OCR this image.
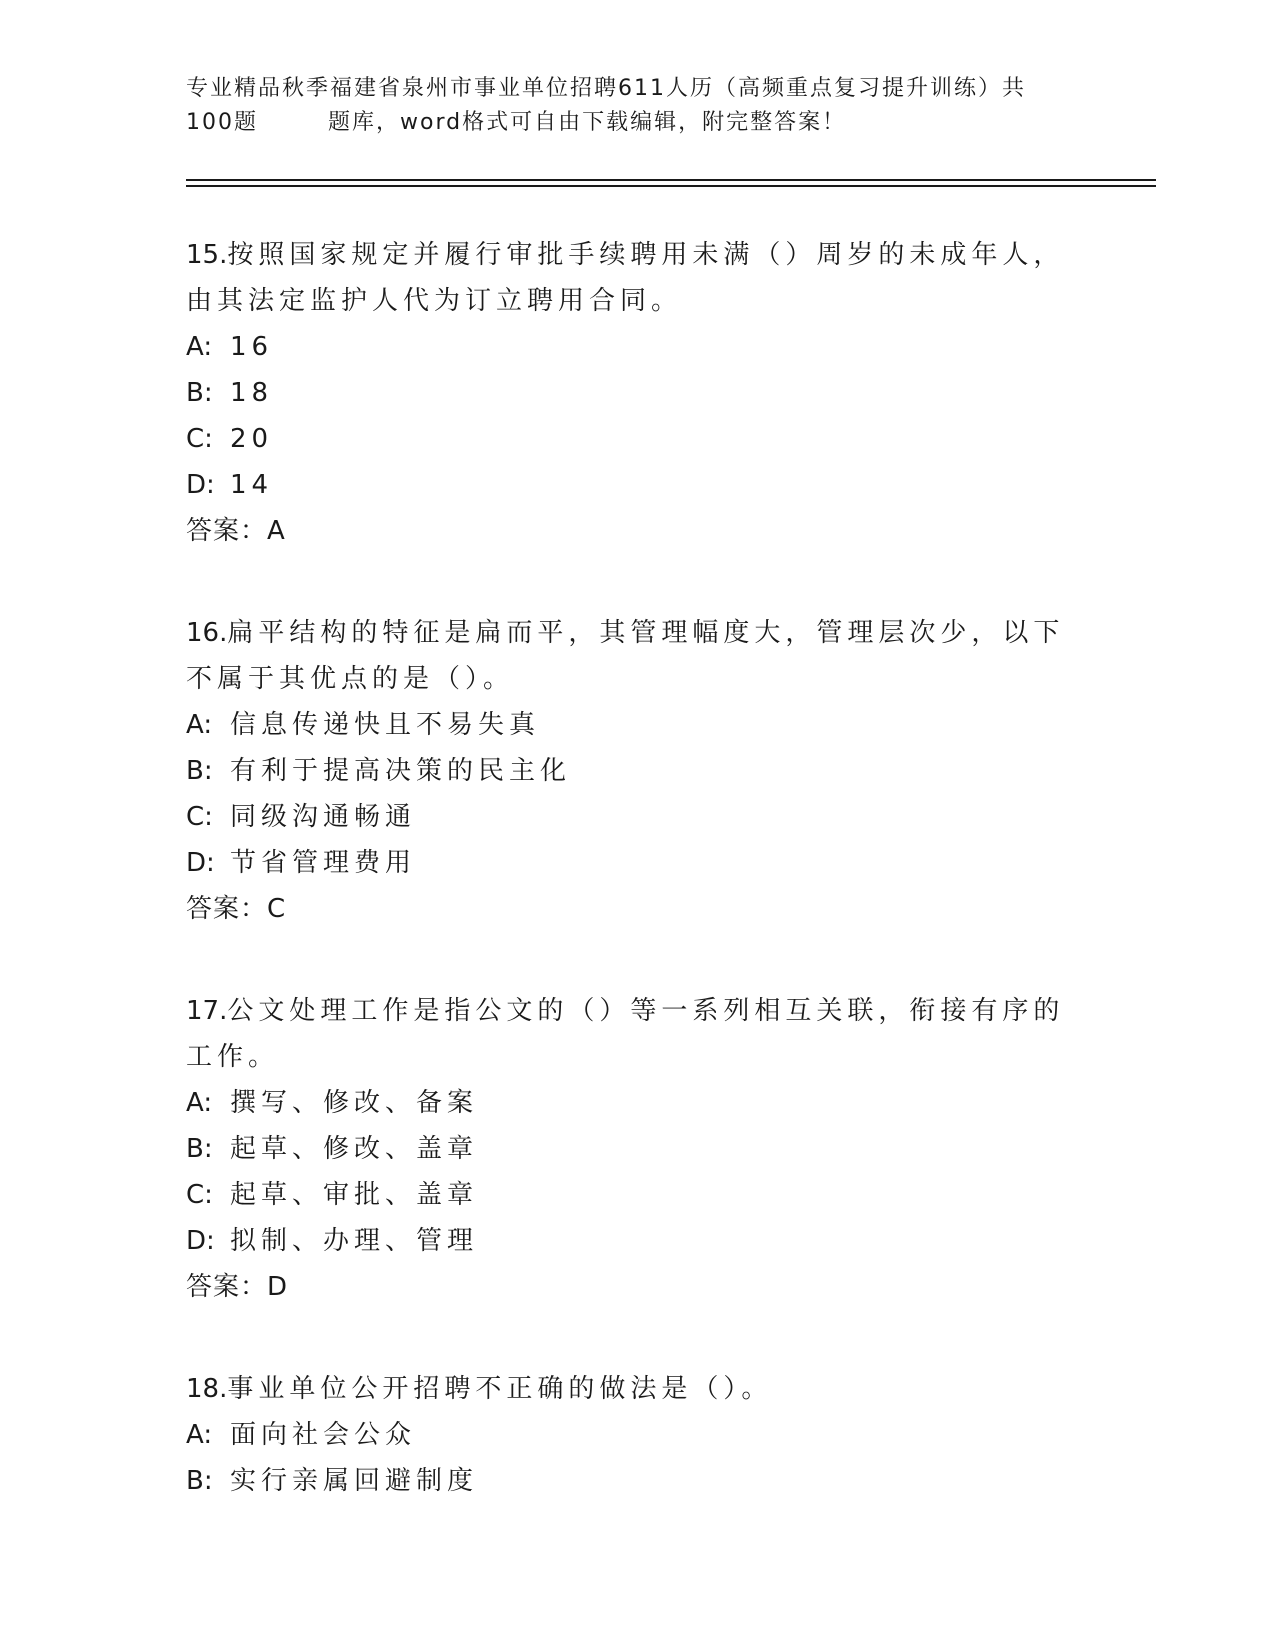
专业精品秋季福建省泉州市事业单位招聘611人历（高频重点复习提升训练）共
100题	题库，word格式可自由下载编辑，附完整答案！
15.按照国家规定并履行审批手续聘用未满（）周岁的未成年人，由其法定监护人代为订立聘用合同。
A: 16
B: 18
C: 20
D: 14
答案：A
16.扁平结构的特征是扁而平，其管理幅度大，管理层次少，以下不属于其优点的是（）。
A: 信息传递快且不易失真
B: 有利于提高决策的民主化
C: 同级沟通畅通
D: 节省管理费用
答案：C
17.公文处理工作是指公文的（）等一系列相互关联，衔接有序的工作。
A: 撰写、修改、备案
B: 起草、修改、盖章
C: 起草、审批、盖章
D: 拟制、办理、管理
答案：D
18.事业单位公开招聘不正确的做法是（）。
A: 面向社会公众
B: 实行亲属回避制度
